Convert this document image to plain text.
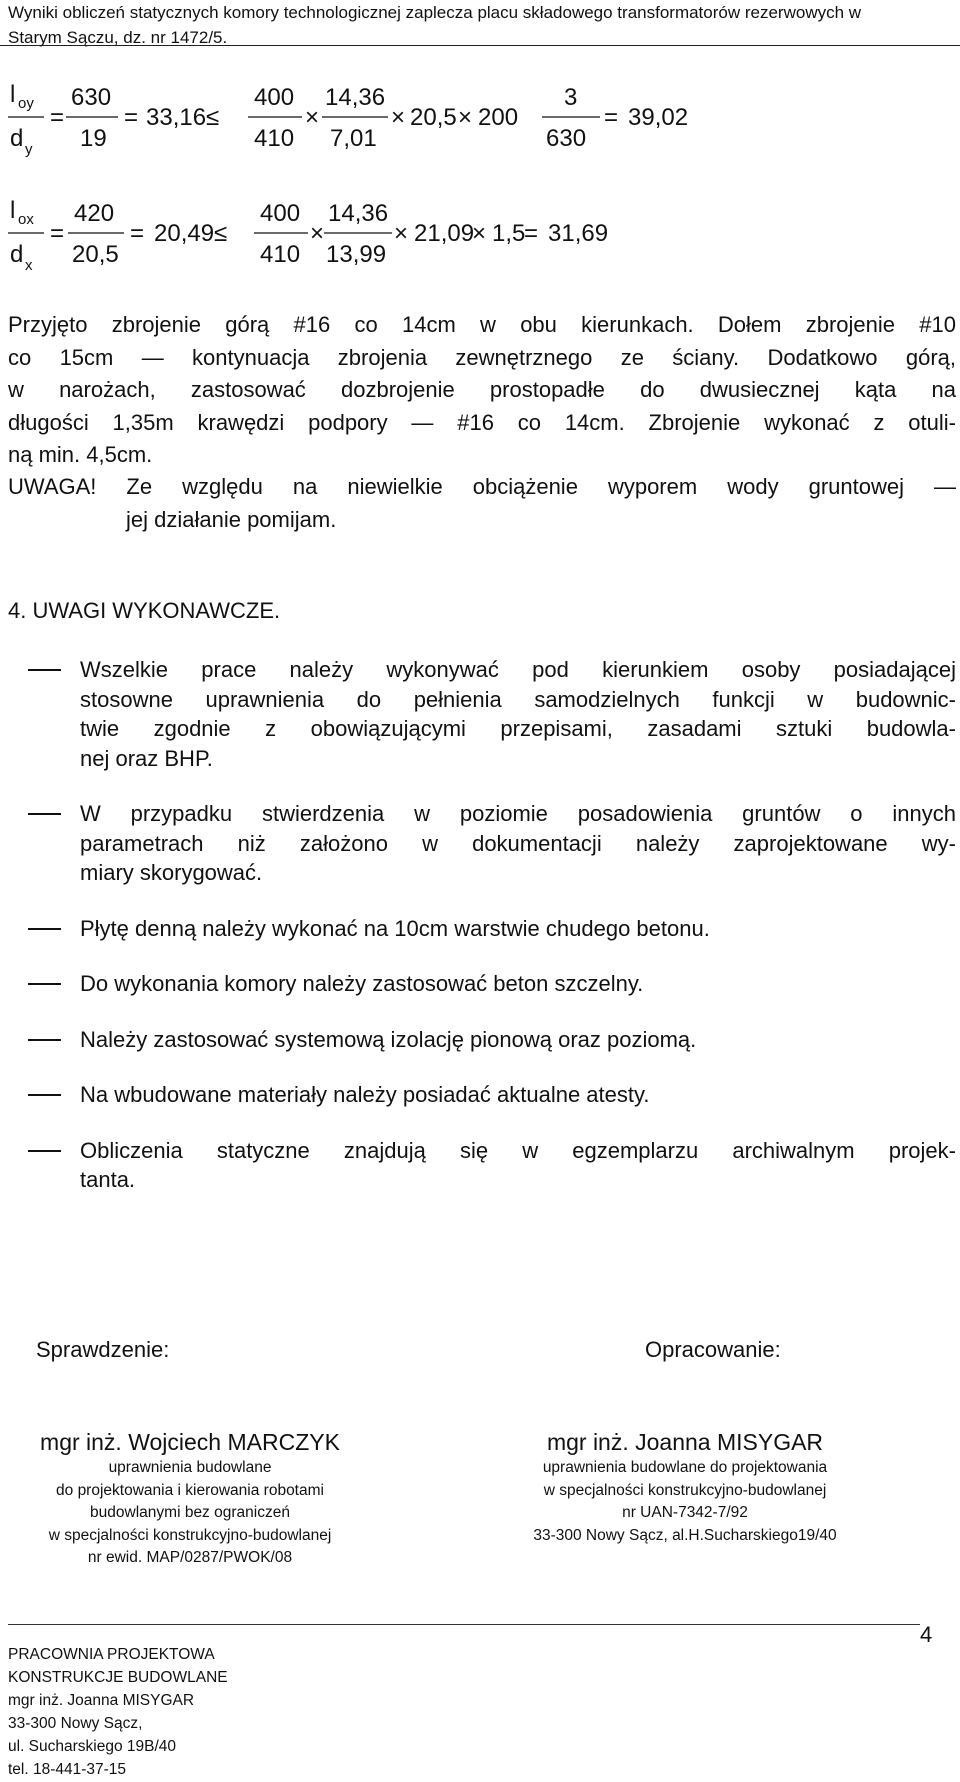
Wyniki obliczeń statycznych komory technologicznej zaplecza placu składowego transformatorów rezerwowych w
Starym Sączu, dz. nr 1472/5.
l oy
d y
=
630
19
= 33,16 ≤
400
410
×
14,36
7,01
× 20,5 × 200
3
630
= 39,02
l ox
d x
=
420
20,5
= 20,49 ≤
400
410
×
14,36
13,99
× 21,09
× 1,5
= 31,69
Przyjęto zbrojenie górą #16 co 14cm w obu kierunkach. Dołem zbrojenie #10
co 15cm ― kontynuacja zbrojenia zewnętrznego ze ściany. Dodatkowo górą,
w narożach, zastosować dozbrojenie prostopadłe do dwusiecznej kąta na
długości 1,35m krawędzi podpory ― #16 co 14cm. Zbrojenie wykonać z otuli-
ną min. 4,5cm.
UWAGA! Ze względu na niewielkie obciążenie wyporem wody gruntowej ―
jej działanie pomijam.
4. UWAGI WYKONAWCZE.
Wszelkie prace należy wykonywać pod kierunkiem osoby posiadającej
stosowne uprawnienia do pełnienia samodzielnych funkcji w budownic-
twie zgodnie z obowiązującymi przepisami, zasadami sztuki budowla-
nej oraz BHP.
W przypadku stwierdzenia w poziomie posadowienia gruntów o innych
parametrach niż założono w dokumentacji należy zaprojektowane wy-
miary skorygować.
Płytę denną należy wykonać na 10cm warstwie chudego betonu.
Do wykonania komory należy zastosować beton szczelny.
Należy zastosować systemową izolację pionową oraz poziomą.
Na wbudowane materiały należy posiadać aktualne atesty.
Obliczenia statyczne znajdują się w egzemplarzu archiwalnym projek-
tanta.
Sprawdzenie:	Opracowanie:
mgr inż. Wojciech MARCZYK
uprawnienia budowlane
do projektowania i kierowania robotami
budowlanymi bez ograniczeń
w specjalności konstrukcyjno-budowlanej
nr ewid. MAP/0287/PWOK/08
mgr inż. Joanna MISYGAR
uprawnienia budowlane do projektowania
w specjalności konstrukcyjno-budowlanej
nr UAN-7342-7/92
33-300 Nowy Sącz, al.H.Sucharskiego19/40
4
PRACOWNIA PROJEKTOWA
KONSTRUKCJE BUDOWLANE
mgr inż. Joanna MISYGAR
33-300 Nowy Sącz,
ul. Sucharskiego 19B/40
tel. 18-441-37-15
